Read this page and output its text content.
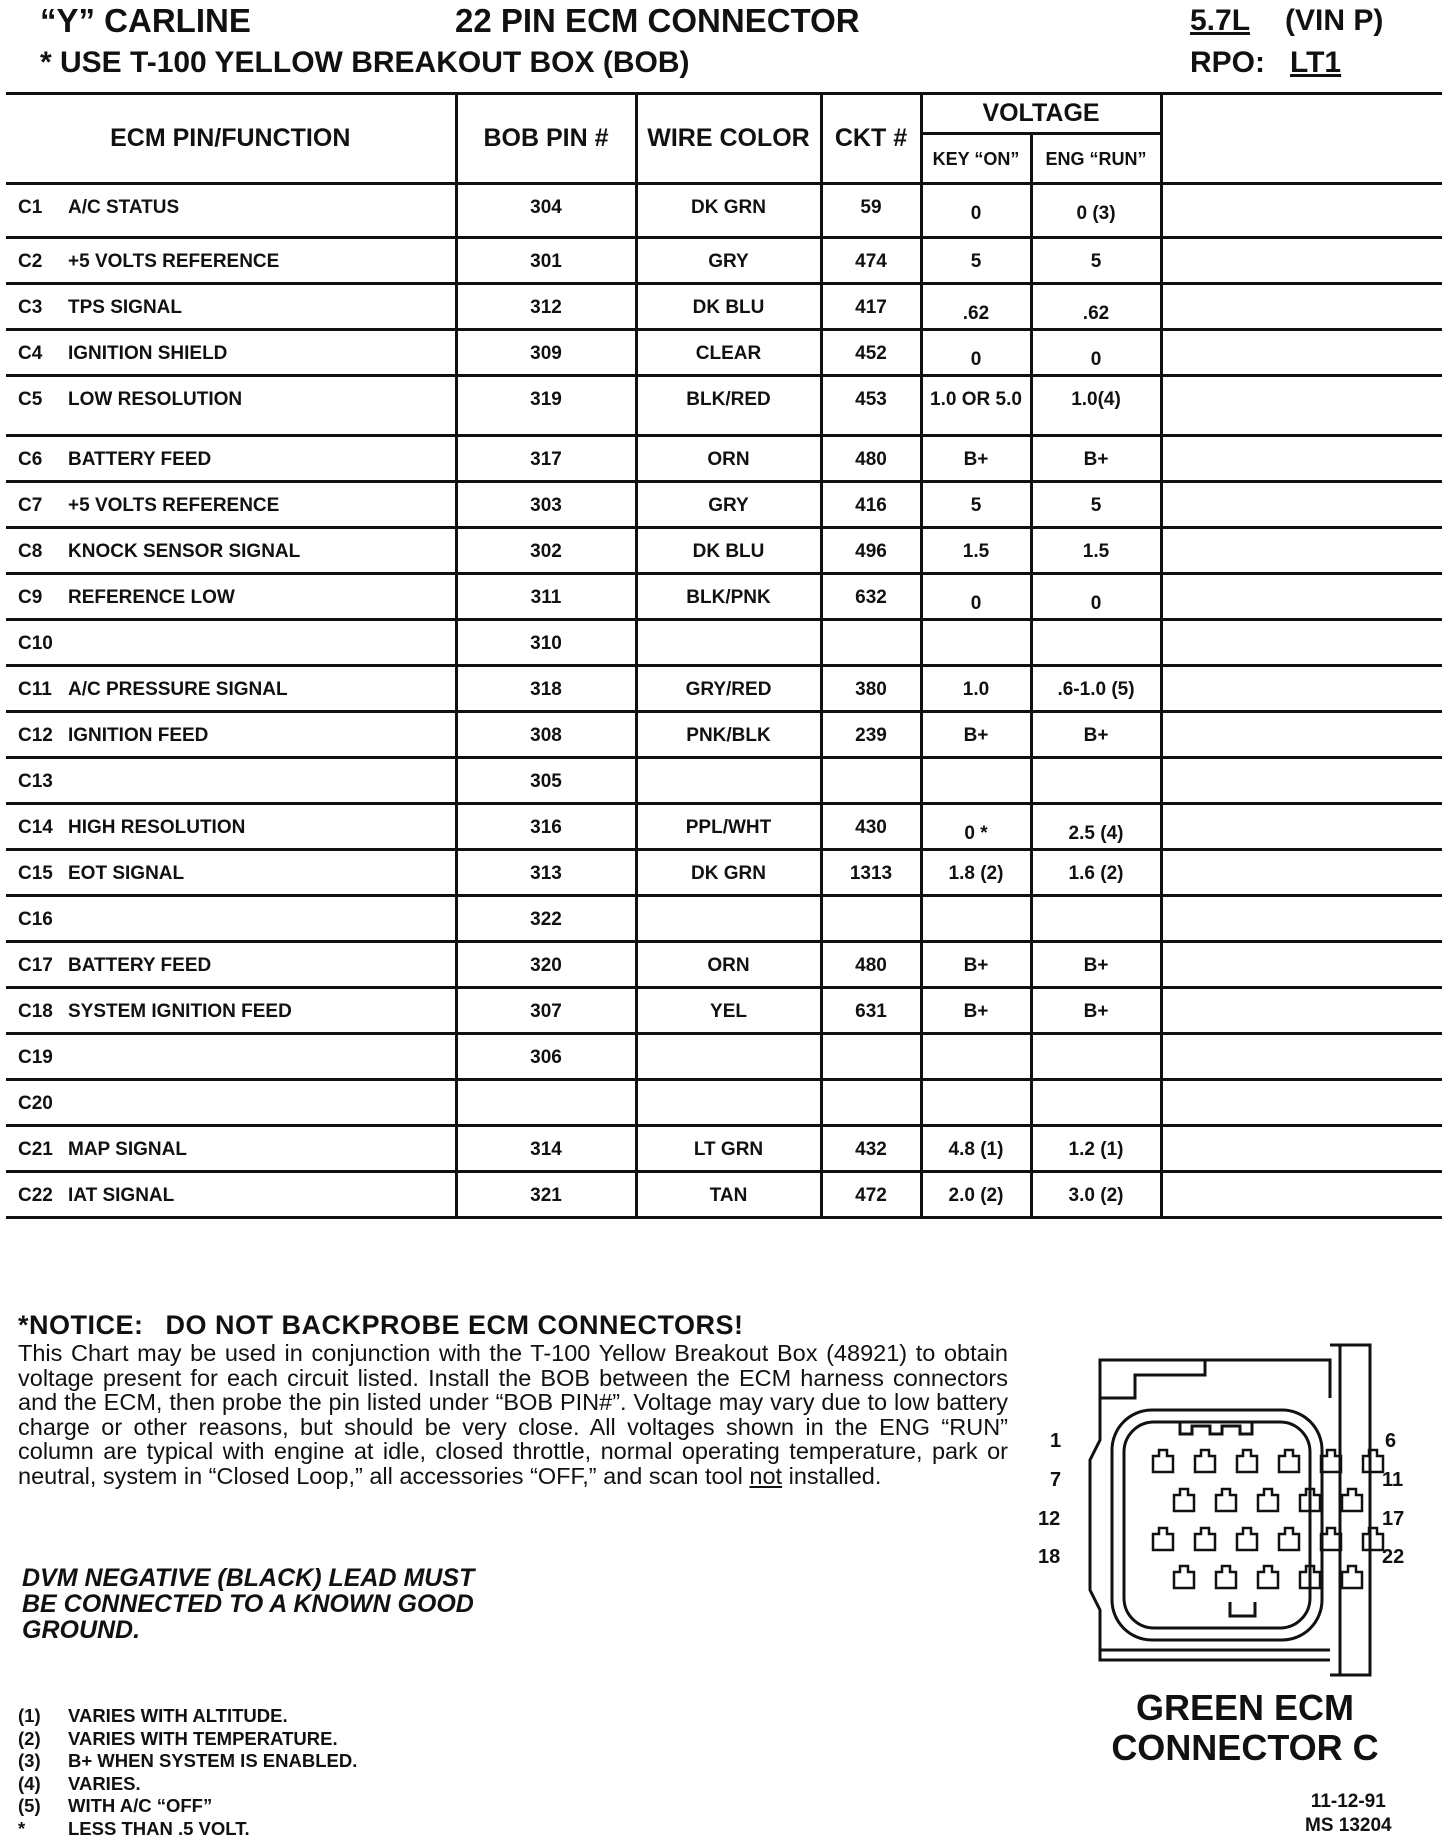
“Y” CARLINE	22 PIN ECM CONNECTOR	5.7L (VIN P)
* USE T-100 YELLOW BREAKOUT BOX (BOB)	RPO: LT1
ECM PIN/FUNCTION	BOB PIN #	WIRE COLOR	CKT #	VOLTAGE		
				KEY “ON”	ENG “RUN”	
C1 A/C STATUS	304	DK GRN	59	0	0 (3)	
C2 +5 VOLTS REFERENCE	301	GRY	474	5	5	
C3 TPS SIGNAL	312	DK BLU	417	.62	.62	
C4 IGNITION SHIELD	309	CLEAR	452	0	0	
C5 LOW RESOLUTION	319	BLK/RED	453	1.0 OR 5.0	1.0(4)	
C6 BATTERY FEED	317	ORN	480	B+	B+	
C7 +5 VOLTS REFERENCE	303	GRY	416	5	5	
C8 KNOCK SENSOR SIGNAL	302	DK BLU	496	1.5	1.5	
C9 REFERENCE LOW	311	BLK/PNK	632	0	0	
C10	310					
C11 A/C PRESSURE SIGNAL	318	GRY/RED	380	1.0	.6-1.0 (5)	
C12 IGNITION FEED	308	PNK/BLK	239	B+	B+	
C13	305					
C14 HIGH RESOLUTION	316	PPL/WHT	430	0 *	2.5 (4)	
C15 EOT SIGNAL	313	DK GRN	1313	1.8 (2)	1.6 (2)	
C16	322					
C17 BATTERY FEED	320	ORN	480	B+	B+	
C18 SYSTEM IGNITION FEED	307	YEL	631	B+	B+	
C19	306					
C20						
C21 MAP SIGNAL	314	LT GRN	432	4.8 (1)	1.2 (1)	
C22 IAT SIGNAL	321	TAN	472	2.0 (2)	3.0 (2)	
*NOTICE: DO NOT BACKPROBE ECM CONNECTORS!
This Chart may be used in conjunction with the T-100 Yellow Breakout Box (48921) to obtain voltage present for each circuit listed. Install the BOB between the ECM harness connectors and the ECM, then probe the pin listed under “BOB PIN#”. Voltage may vary due to low battery charge or other reasons, but should be very close. All voltages shown in the ENG “RUN” column are typical with engine at idle, closed throttle, normal operating temperature, park or neutral, system in “Closed Loop,” all accessories “OFF,” and scan tool not installed.
DVM NEGATIVE (BLACK) LEAD MUST
BE CONNECTED TO A KNOWN GOOD
GROUND.
(1) VARIES WITH ALTITUDE.
(2) VARIES WITH TEMPERATURE.
(3) B+ WHEN SYSTEM IS ENABLED.
(4) VARIES.
(5) WITH A/C “OFF”
* LESS THAN .5 VOLT.
1
7
12
18
6
11
17
22
GREEN ECM
CONNECTOR C
11-12-91
MS 13204
